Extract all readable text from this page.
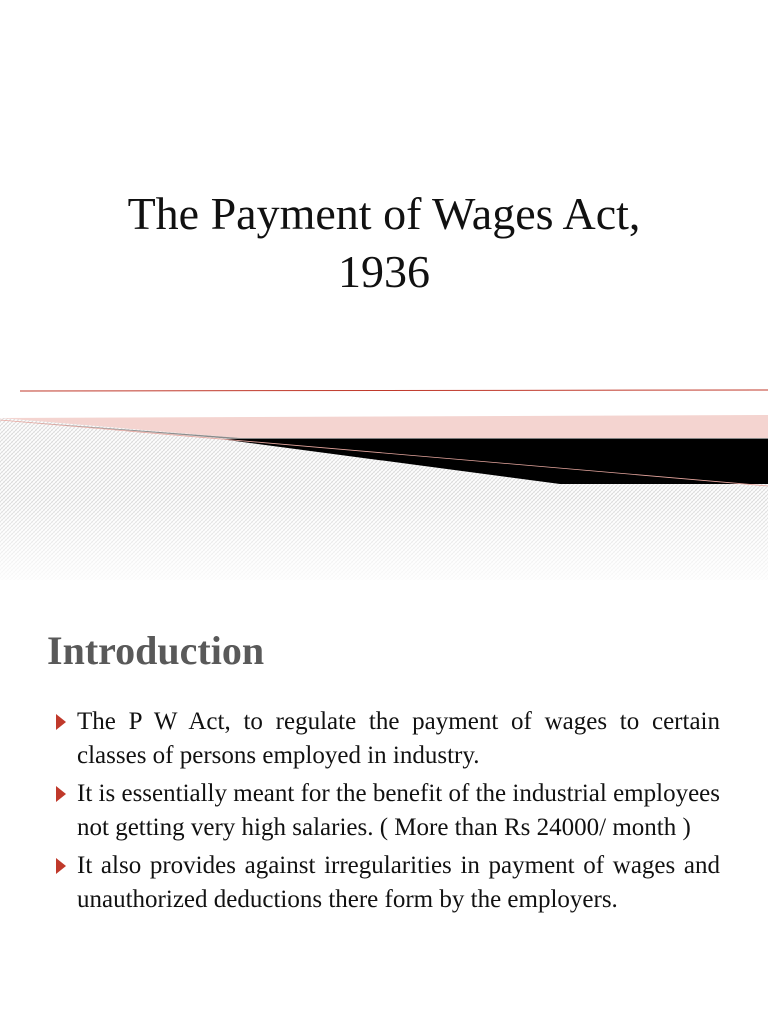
The Payment of Wages Act,
1936
Introduction
The P W Act, to regulate the payment of wages to certain classes of persons employed in industry.
It is essentially meant for the benefit of the industrial employees not getting very high salaries. ( More than Rs 24000/ month )
It also provides against irregularities in payment of wages and unauthorized deductions there form by the employers.
